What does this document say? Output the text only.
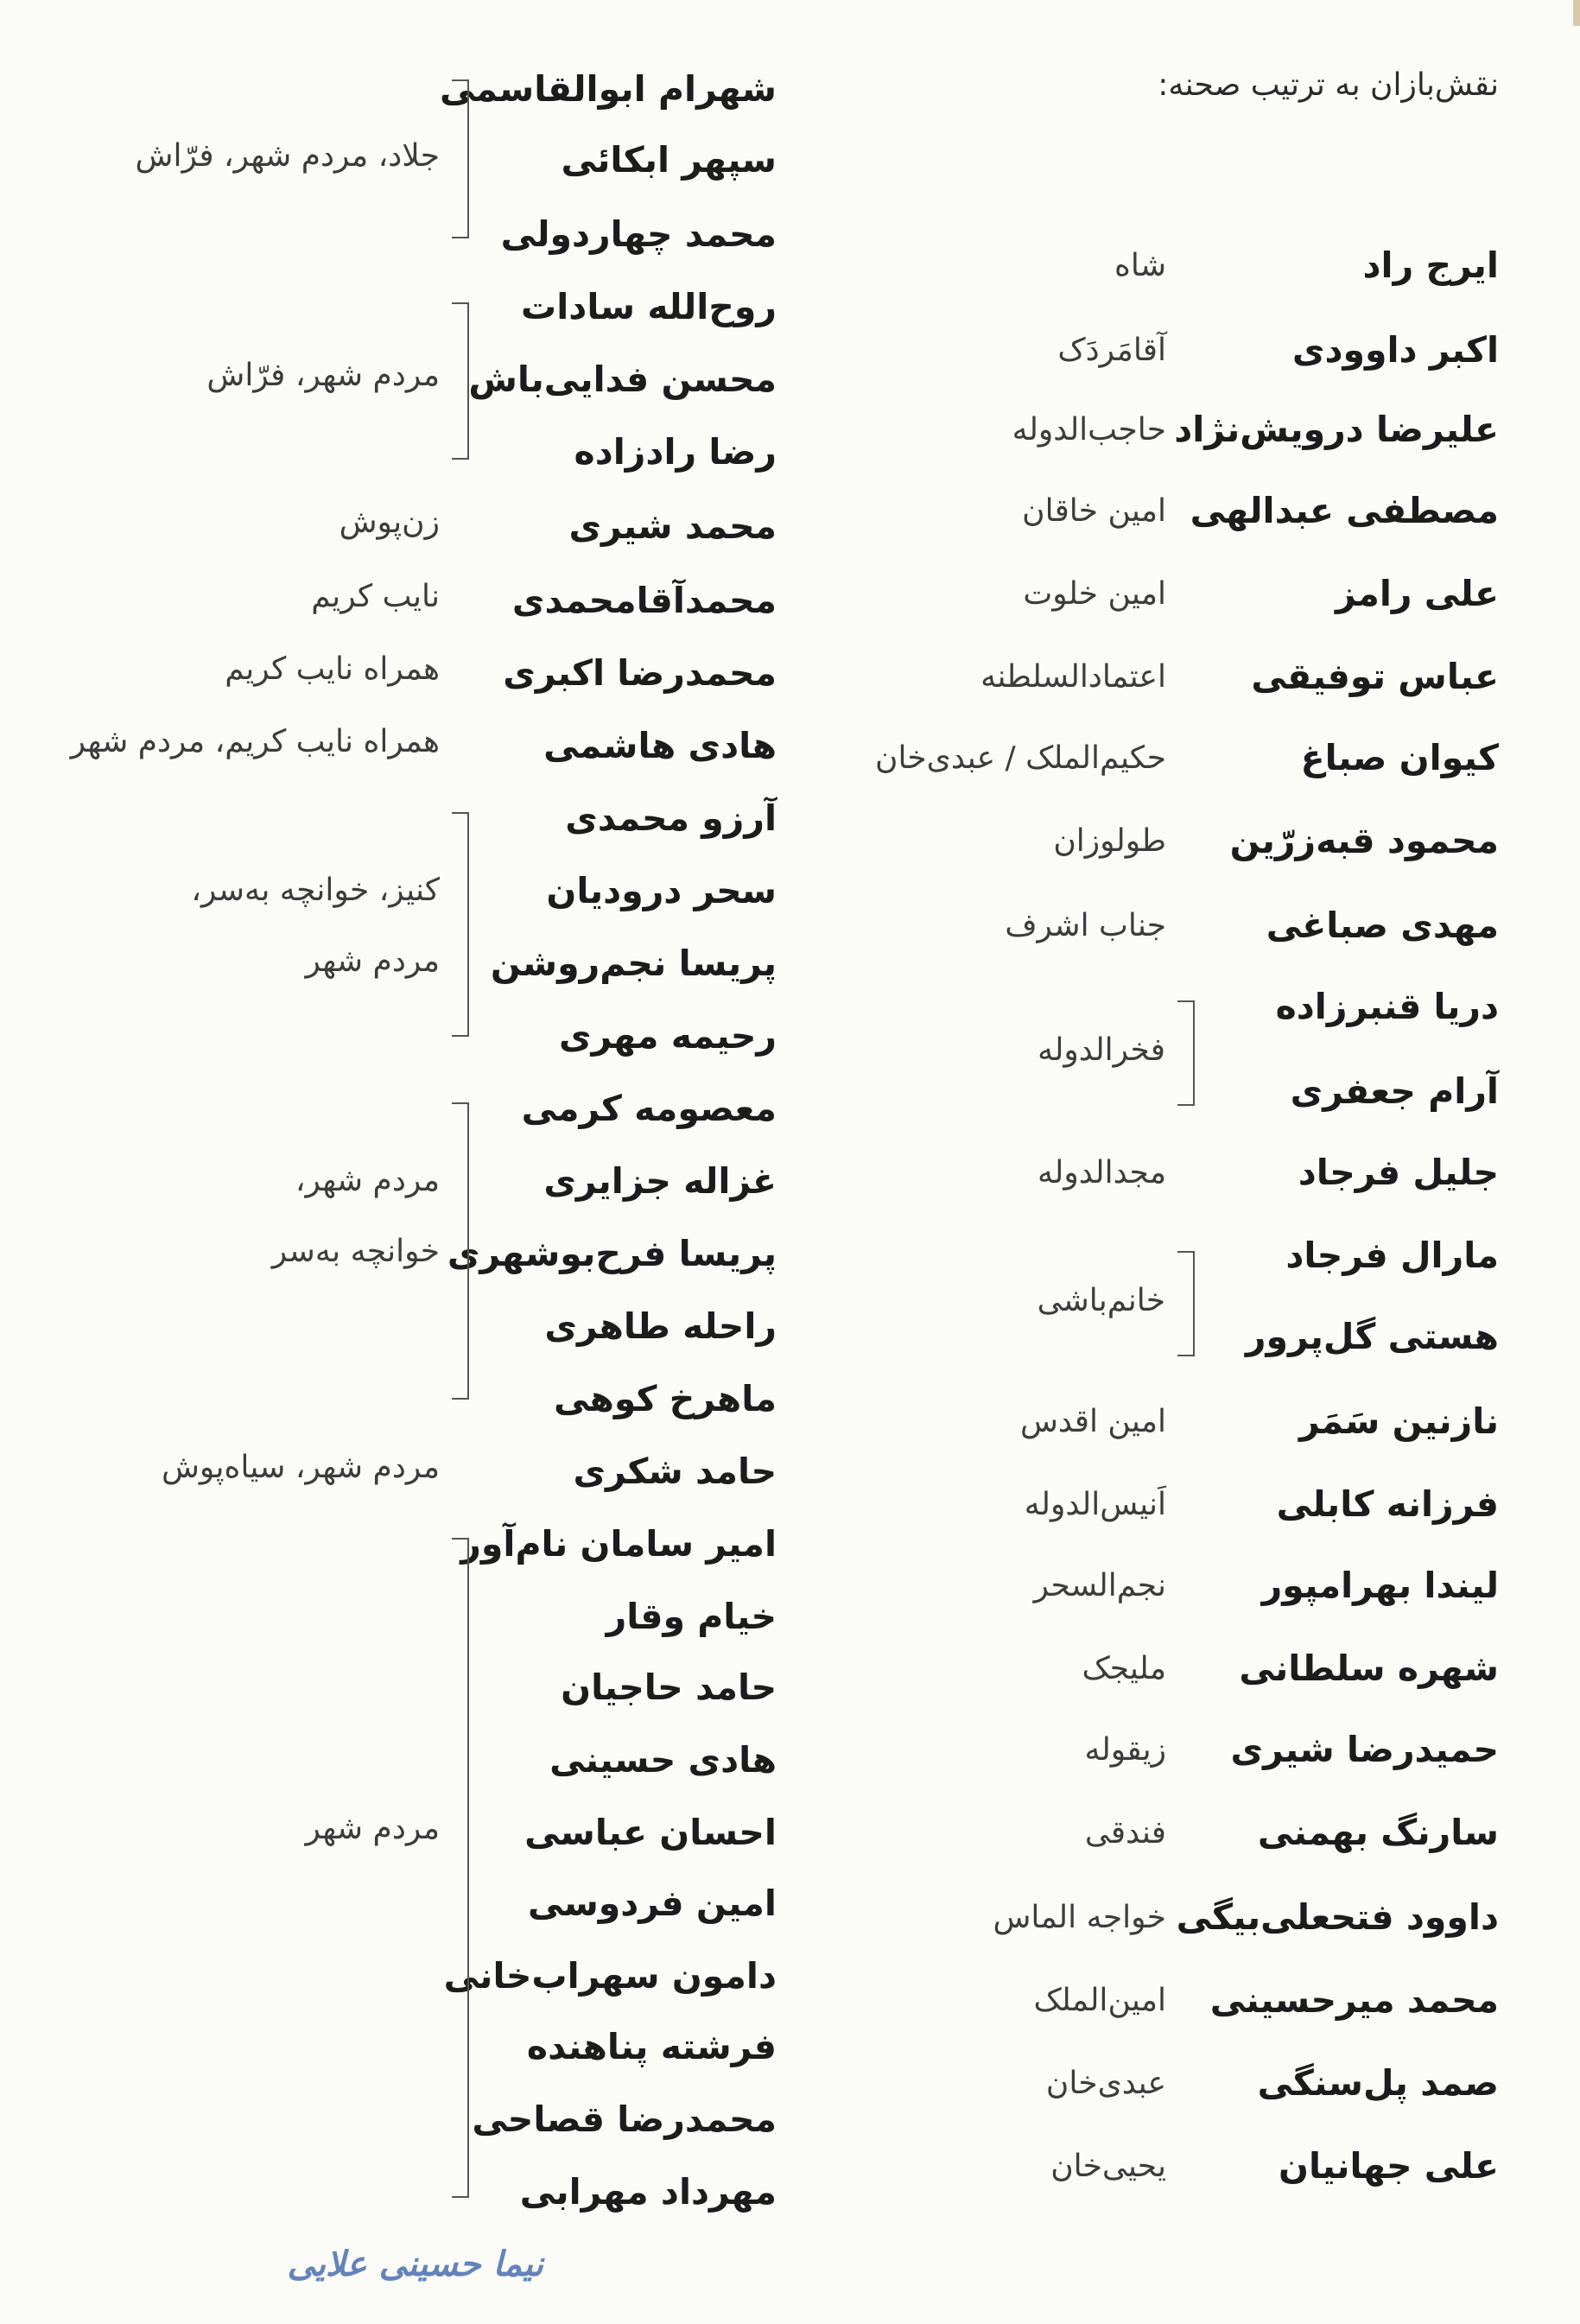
نقش‌بازان به ترتیب صحنه:
ایرج راد
شاه
اکبر داوودی
آقامَردَک
علیرضا درویش‌نژاد
حاجب‌الدوله
مصطفی عبدالهی
امین خاقان
علی رامز
امین خلوت
عباس توفیقی
اعتمادالسلطنه
کیوان صباغ
حکیم‌الملک / عبدی‌خان
محمود قبه‌زرّین
طولوزان
مهدی صباغی
جناب اشرف
دریا قنبرزاده
آرام جعفری
جلیل فرجاد
مجدالدوله
مارال فرجاد
هستی گل‌پرور
نازنین سَمَر
امین اقدس
فرزانه کابلی
اَنیس‌الدوله
لیندا بهرامپور
نجم‌السحر
شهره سلطانی
ملیجک
حمیدرضا شیری
زیقوله
سارنگ بهمنی
فندقی
داوود فتحعلی‌بیگی
خواجه الماس
محمد میرحسینی
امین‌الملک
صمد پل‌سنگی
عبدی‌خان
علی جهانیان
یحیی‌خان
فخرالدوله
خانم‌باشی
شهرام ابوالقاسمی
سپهر ابکائی
محمد چهاردولی
روح‌الله سادات
محسن فدایی‌باش
رضا رادزاده
محمد شیری
محمدآقامحمدی
محمدرضا اکبری
هادی هاشمی
آرزو محمدی
سحر درودیان
پریسا نجم‌روشن
رحیمه مهری
معصومه کرمی
غزاله جزایری
پریسا فرح‌بوشهری
راحله طاهری
ماهرخ کوهی
حامد شکری
امیر سامان نام‌آور
خیام وقار
حامد حاجیان
هادی حسینی
احسان عباسی
امین فردوسی
دامون سهراب‌خانی
فرشته پناهنده
محمدرضا قصاحی
مهرداد مهرابی
زن‌پوش
نایب کریم
همراه نایب کریم
همراه نایب کریم، مردم شهر
مردم شهر، سیاه‌پوش
جلاد، مردم شهر، فرّاش
مردم شهر، فرّاش
کنیز، خوانچه به‌سر،
مردم شهر
مردم شهر،
خوانچه به‌سر
مردم شهر
نیما حسینی علایی
